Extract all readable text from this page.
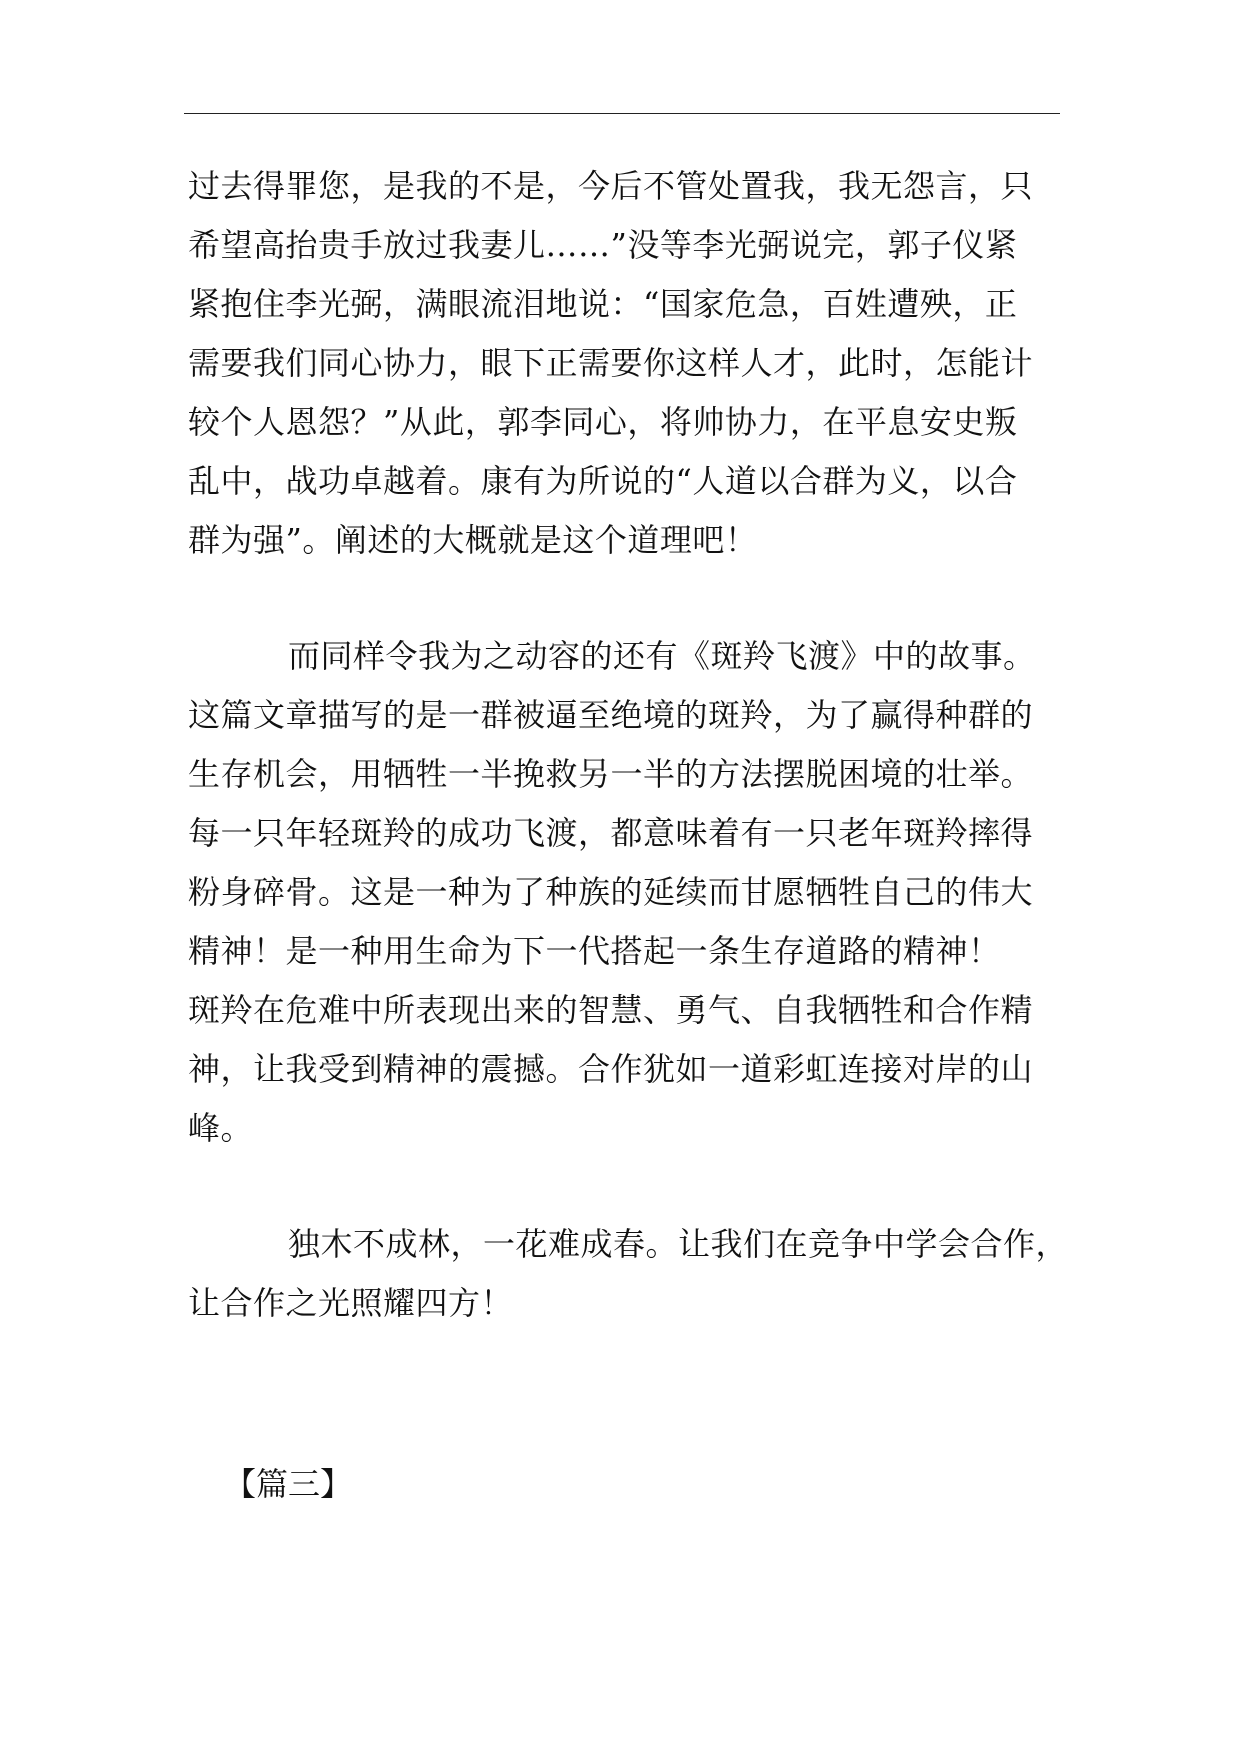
过去得罪您，是我的不是，今后不管处置我，我无怨言，只
希望高抬贵手放过我妻儿……”没等李光弼说完，郭子仪紧
紧抱住李光弼，满眼流泪地说：“国家危急，百姓遭殃，正
需要我们同心协力，眼下正需要你这样人才，此时，怎能计
较个人恩怨？”从此，郭李同心，将帅协力，在平息安史叛
乱中，战功卓越着。康有为所说的“人道以合群为义，以合
群为强”。阐述的大概就是这个道理吧！
而同样令我为之动容的还有《斑羚飞渡》中的故事。
这篇文章描写的是一群被逼至绝境的斑羚，为了赢得种群的
生存机会，用牺牲一半挽救另一半的方法摆脱困境的壮举。
每一只年轻斑羚的成功飞渡，都意味着有一只老年斑羚摔得
粉身碎骨。这是一种为了种族的延续而甘愿牺牲自己的伟大
精神！是一种用生命为下一代搭起一条生存道路的精神！
斑羚在危难中所表现出来的智慧、勇气、自我牺牲和合作精
神，让我受到精神的震撼。合作犹如一道彩虹连接对岸的山
峰。
独木不成林，一花难成春。让我们在竞争中学会合作，
让合作之光照耀四方！
【篇三】
